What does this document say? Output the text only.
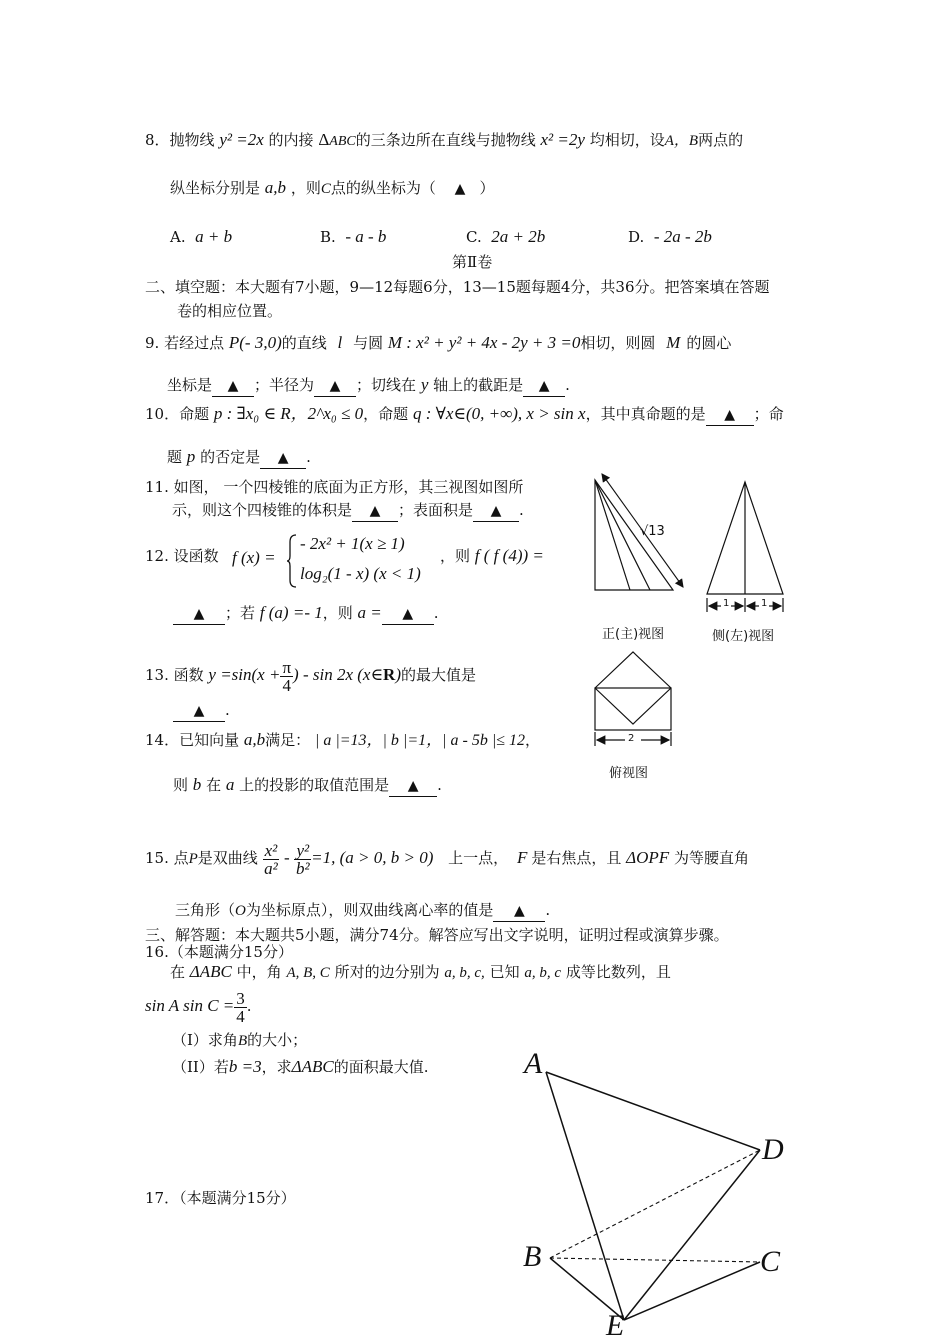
8．抛物线 y² =2x 的内接 ΔABC的三条边所在直线与抛物线 x² =2y 均相切，设A，B两点的
纵坐标分别是 a,b ，则C点的纵坐标为（ ▲ ）
A. a + b	B. - a - b	C. 2a + 2b	D. - 2a - 2b
第Ⅱ卷
二、填空题：本大题有7小题，9—12每题6分，13—15题每题4分，共36分。把答案填在答题
卷的相应位置。
9. 若经过点 P(- 3,0)的直线 l 与圆 M : x² + y² + 4x - 2y + 3 =0相切，则圆 M 的圆心
坐标是 ▲ ；半径为 ▲ ；切线在 y 轴上的截距是 ▲ .
10．命题 p : ∃x₀ ∈ R，2^x₀ ≤ 0，命题 q : ∀x∈(0, +∞), x > sin x，其中真命题的是 ▲ ；命
题 p 的否定是 ▲ .
11. 如图， 一个四棱锥的底面为正方形，其三视图如图所
示，则这个四棱锥的体积是 ▲ ；表面积是 ▲ .
12. 设函数 f (x) =
- 2x² + 1(x ≥ 1)
log₂(1 - x) (x < 1)
，则 f ( f (4)) =
▲ ；若 f (a) =- 1，则 a = ▲ .
13. 函数 $y =\sin(x + \frac{\pi}{4}$ ) - sin 2x (x∈R)的最大值是
▲ .
14．已知向量 a,b满足： | a |=13，| b |=1，| a - 5b |≤ 12，
则 b 在 a 上的投影的取值范围是 ▲ .
15. 点P是双曲线 $\frac{\text{x²}}{\text{a²}} - \frac{\text{y²}}{\text{b²}} =1$, (a > 0, b > 0) 上一点， F 是右焦点，且 ΔOPF 为等腰直角
三角形（O为坐标原点），则双曲线离心率的值是 ▲ .
三、解答题：本大题共5小题，满分74分。解答应写出文字说明，证明过程或演算步骤。
16.（本题满分15分）
在 ΔABC 中，角 A, B, C 所对的边分别为 a, b, c, 已知 a, b, c 成等比数列，且
sin A $\sin C = \frac{3}{4}$ .
（I）求角B的大小；
（II）若b =3，求ΔABC的面积最大值.
17．（本题满分15分）
√13
1	1
2
正(主)视图	侧(左)视图
俯视图
A
D
B	C
E
